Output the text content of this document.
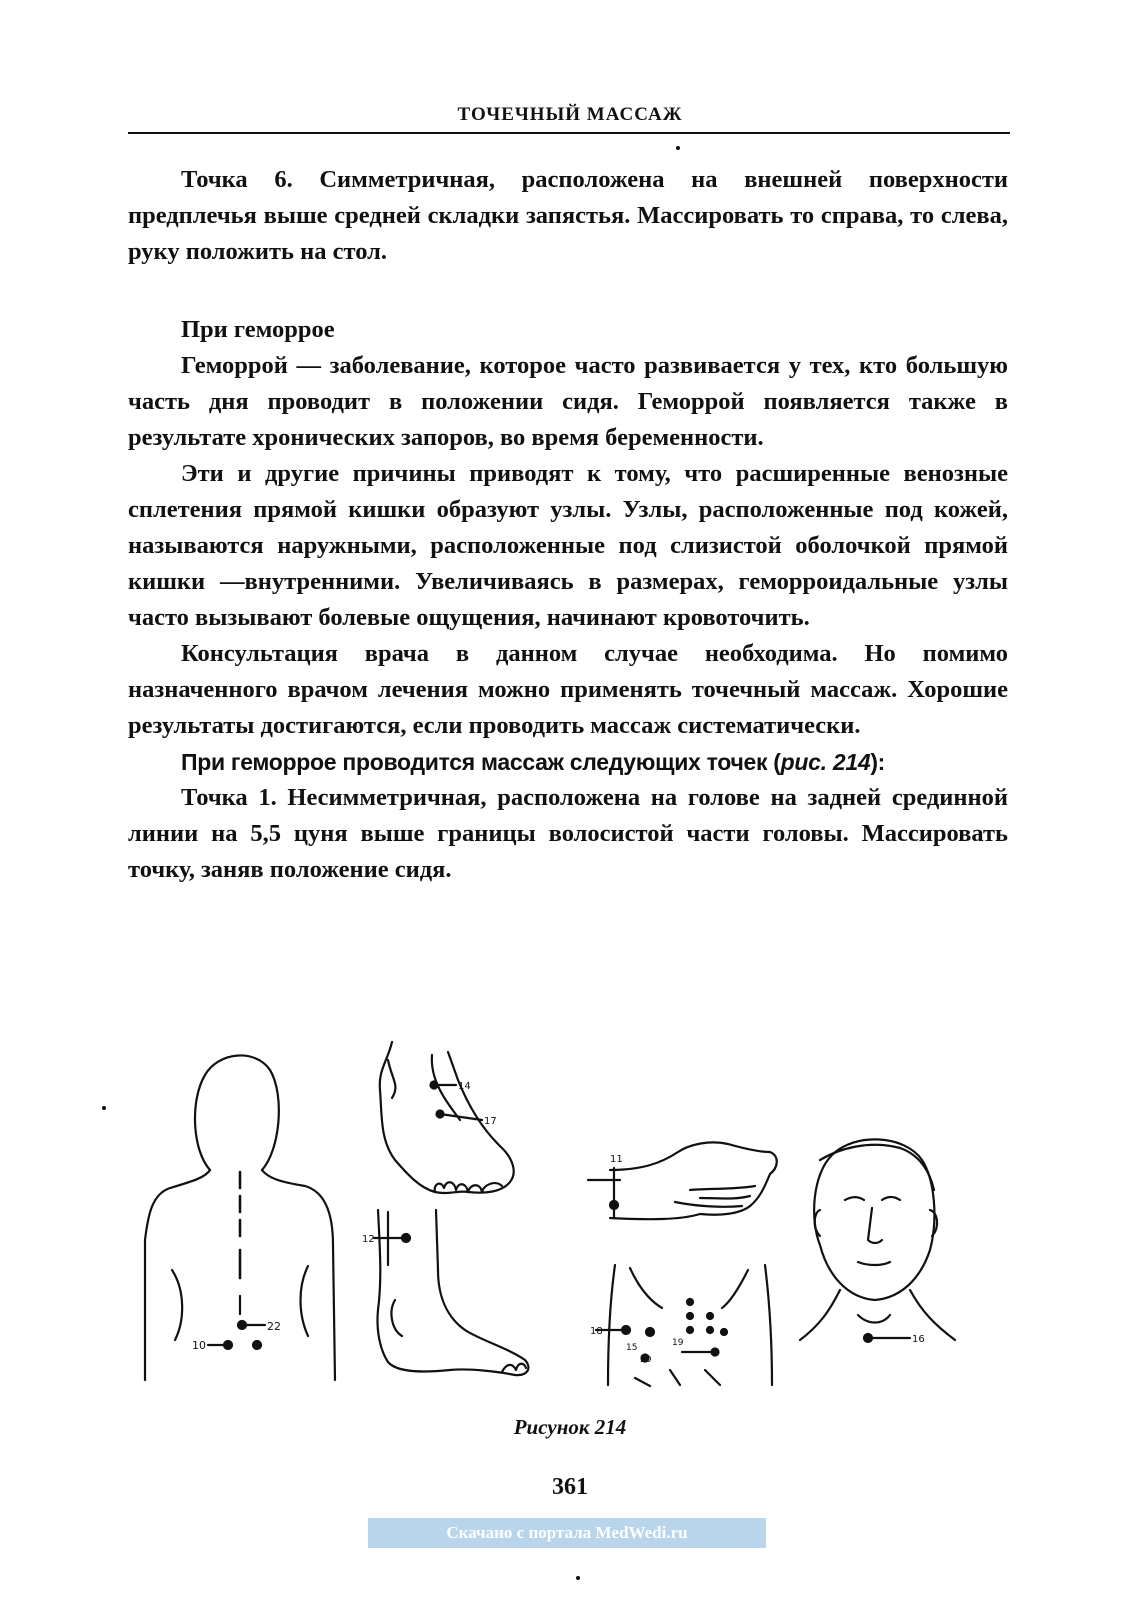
ТОЧЕЧНЫЙ МАССАЖ

Точка 6. Симметричная, расположена на внешней поверхности предплечья выше средней складки запястья. Массировать то справа, то слева, руку положить на стол.

При геморрое

Геморрой — заболевание, которое часто развивается у тех, кто большую часть дня проводит в положении сидя. Геморрой появляется также в результате хронических запоров, во время беременности.

Эти и другие причины приводят к тому, что расширенные венозные сплетения прямой кишки образуют узлы. Узлы, расположенные под кожей, называются наружными, расположенные под слизистой оболочкой прямой кишки —внутренними. Увеличиваясь в размерах, геморроидальные узлы часто вызывают болевые ощущения, начинают кровоточить.

Консультация врача в данном случае необходима. Но помимо назначенного врачом лечения можно применять точечный массаж. Хорошие результаты достигаются, если проводить массаж систематически.

При геморрое проводится массаж следующих точек (рис. 214):

Точка 1. Несимметричная, расположена на голове на задней срединной линии на 5,5 цуня выше границы волосистой части головы. Массировать точку, заняв положение сидя.

22
10
14
17
12
11
18
15
20
19	16
Рисунок 214
361
Скачано с портала MedWedi.ru
